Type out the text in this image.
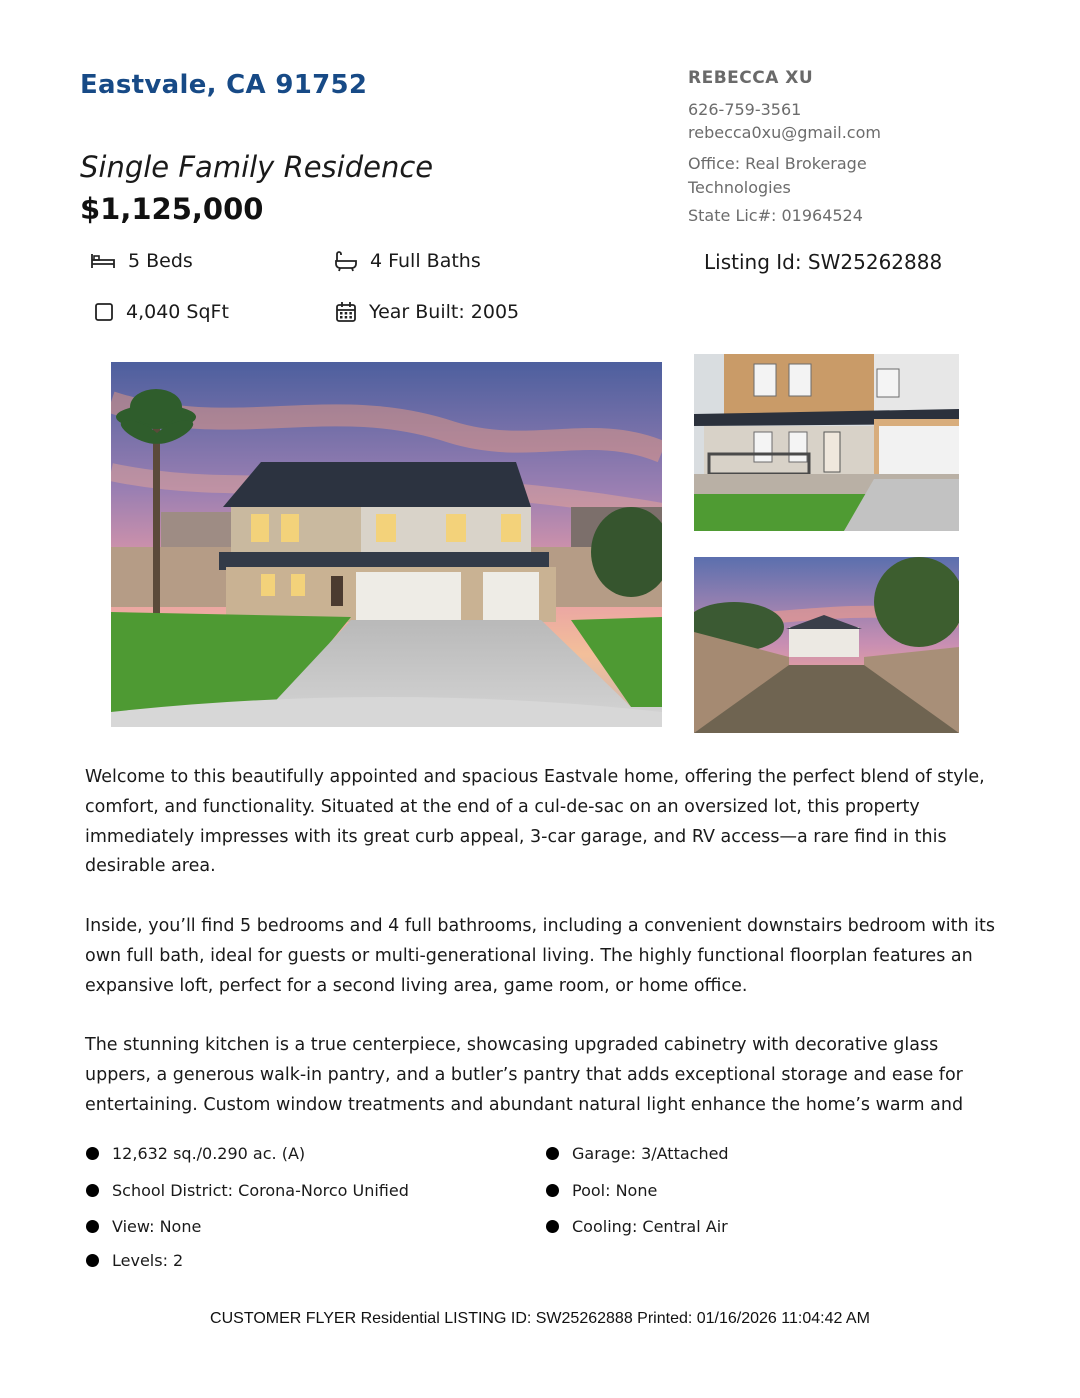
Eastvale, CA 91752
Single Family Residence
$1,125,000
REBECCA XU
626-759-3561
rebecca0xu@gmail.com
Office: Real Brokerage Technologies
State Lic#: 01964524
5 Beds	4 Full Baths	Listing Id: SW25262888
4,040 SqFt	Year Built: 2005

Welcome to this beautifully appointed and spacious Eastvale home, offering the perfect blend of style, comfort, and functionality. Situated at the end of a cul-de-sac on an oversized lot, this property immediately impresses with its great curb appeal, 3-car garage, and RV access—a rare find in this desirable area.

Inside, you’ll find 5 bedrooms and 4 full bathrooms, including a convenient downstairs bedroom with its own full bath, ideal for guests or multi-generational living. The highly functional floorplan features an expansive loft, perfect for a second living area, game room, or home office.

The stunning kitchen is a true centerpiece, showcasing upgraded cabinetry with decorative glass uppers, a generous walk-in pantry, and a butler’s pantry that adds exceptional storage and ease for entertaining. Custom window treatments and abundant natural light enhance the home’s warm and

12,632 sq./0.290 ac. (A)
School District: Corona-Norco Unified
View: None
Levels: 2
Garage: 3/Attached
Pool: None
Cooling: Central Air
CUSTOMER FLYER Residential LISTING ID: SW25262888 Printed: 01/16/2026 11:04:42 AM
